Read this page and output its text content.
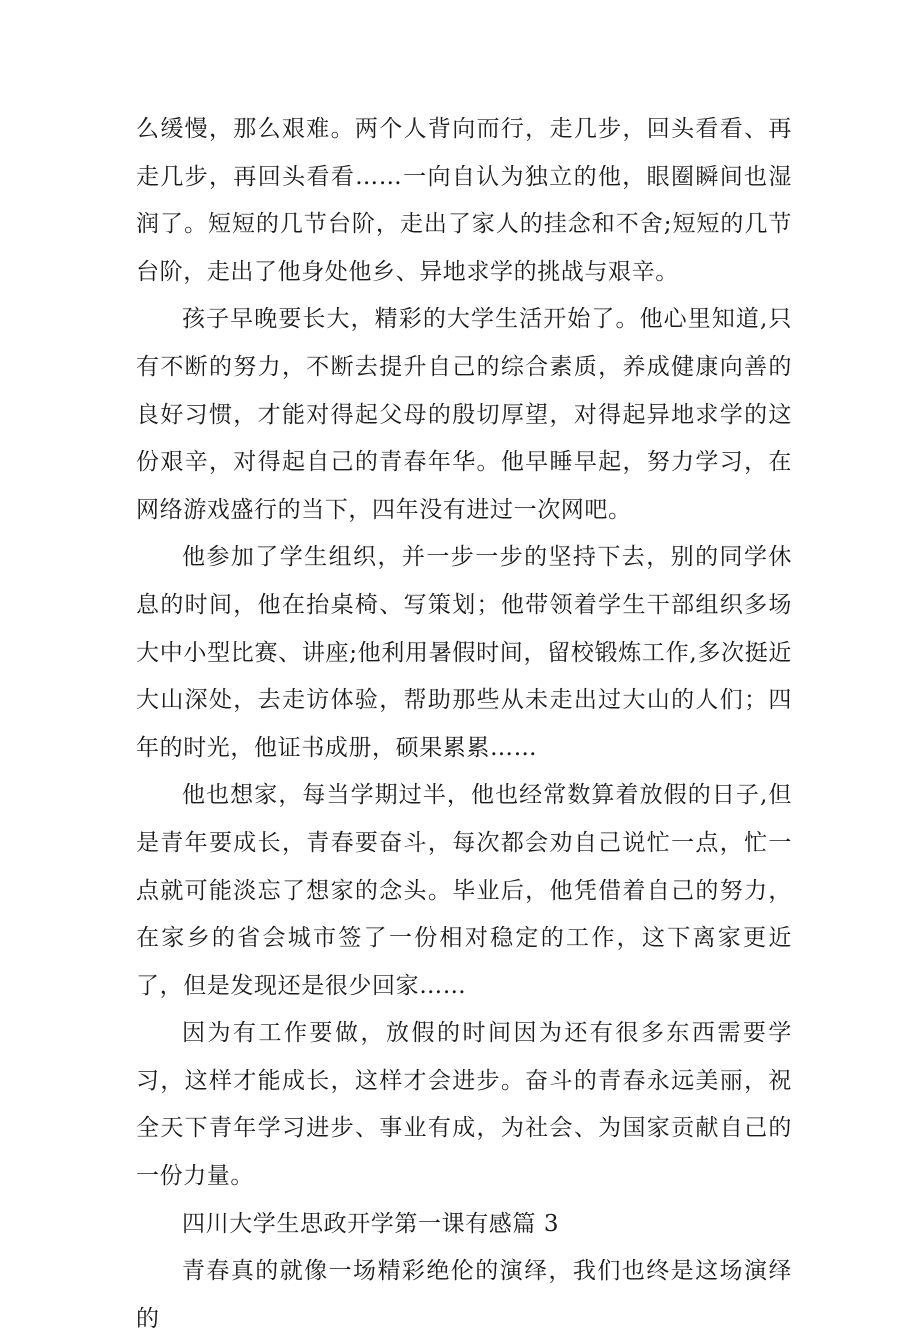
么缓慢，那么艰难。两个人背向而行，走几步，回头看看、再走几步，再回头看看……一向自认为独立的他，眼圈瞬间也湿润了。短短的几节台阶，走出了家人的挂念和不舍;短短的几节台阶，走出了他身处他乡、异地求学的挑战与艰辛。

孩子早晚要长大，精彩的大学生活开始了。他心里知道,只有不断的努力，不断去提升自己的综合素质，养成健康向善的良好习惯，才能对得起父母的殷切厚望，对得起异地求学的这份艰辛，对得起自己的青春年华。他早睡早起，努力学习，在网络游戏盛行的当下，四年没有进过一次网吧。

他参加了学生组织，并一步一步的坚持下去，别的同学休息的时间，他在抬桌椅、写策划；他带领着学生干部组织多场大中小型比赛、讲座;他利用暑假时间，留校锻炼工作,多次挺近大山深处，去走访体验，帮助那些从未走出过大山的人们；四年的时光，他证书成册，硕果累累……

他也想家，每当学期过半，他也经常数算着放假的日子,但是青年要成长，青春要奋斗，每次都会劝自己说忙一点，忙一点就可能淡忘了想家的念头。毕业后，他凭借着自己的努力，在家乡的省会城市签了一份相对稳定的工作，这下离家更近了，但是发现还是很少回家……

因为有工作要做，放假的时间因为还有很多东西需要学习，这样才能成长，这样才会进步。奋斗的青春永远美丽，祝全天下青年学习进步、事业有成，为社会、为国家贡献自己的一份力量。

四川大学生思政开学第一课有感篇 3

青春真的就像一场精彩绝伦的演绎，我们也终是这场演绎的
